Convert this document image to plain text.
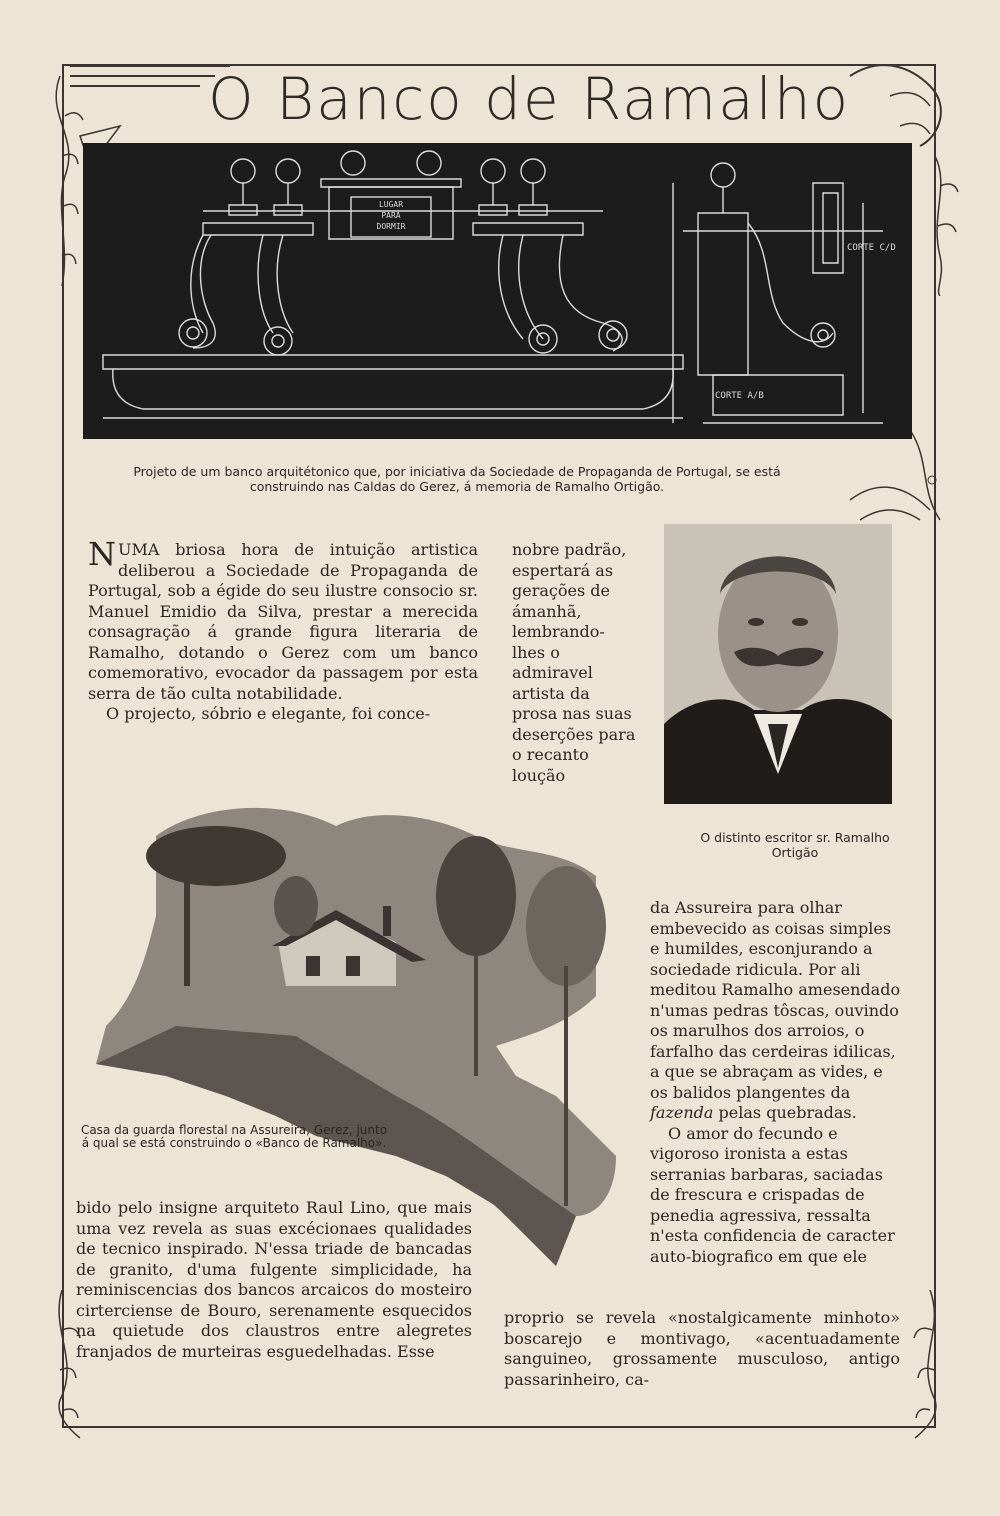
O Banco de Ramalho
LUGAR
PARA
DORMIR
CORTE A/B
CORTE C/D
Projeto de um banco arquitétonico que, por iniciativa da Sociedade de Propaganda de Portugal, se está
construindo nas Caldas do Gerez, á memoria de Ramalho Ortigão.

NUMA briosa hora de intuição artistica deliberou a Sociedade de Propaganda de Portugal, sob a égide do seu ilustre consocio sr. Manuel Emidio da Silva, prestar a merecida consagração á grande figura literaria de Ramalho, dotando o Gerez com um banco comemorativo, evocador da passagem por esta serra de tão culta notabilidade.

O projecto, sóbrio e elegante, foi conce-

nobre padrão, espertará as gerações de ámanhã, lembrando-lhes o admiravel artista da prosa nas suas deserções para o recanto loução
O distinto escritor sr. Ramalho
Ortigão
Casa da guarda florestal na Assureira, Gerez, junto á qual se está construindo o «Banco de Ramalho».

da Assureira para olhar embevecido as coisas simples e humildes, esconjurando a sociedade ridicula. Por ali meditou Ramalho amesendado n'umas pedras tôscas, ouvindo os marulhos dos arroios, o farfalho das cerdeiras idilicas, a que se abraçam as vides, e os balidos plangentes da fazenda pelas quebradas.

O amor do fecundo e vigoroso ironista a estas serranias barbaras, saciadas de frescura e crispadas de penedia agressiva, ressalta n'esta confidencia de caracter auto-biografico em que ele

bido pelo insigne arquiteto Raul Lino, que mais uma vez revela as suas excécionaes qualidades de tecnico inspirado. N'essa triade de bancadas de granito, d'uma fulgente simplicidade, ha reminiscencias dos bancos arcaicos do mosteiro cirterciense de Bouro, serenamente esquecidos na quietude dos claustros entre alegretes franjados de murteiras esguedelhadas. Esse
proprio se revela «nostalgicamente minhoto» boscarejo e montivago, «acentuadamente sanguineo, grossamente musculoso, antigo passarinheiro, ca-
